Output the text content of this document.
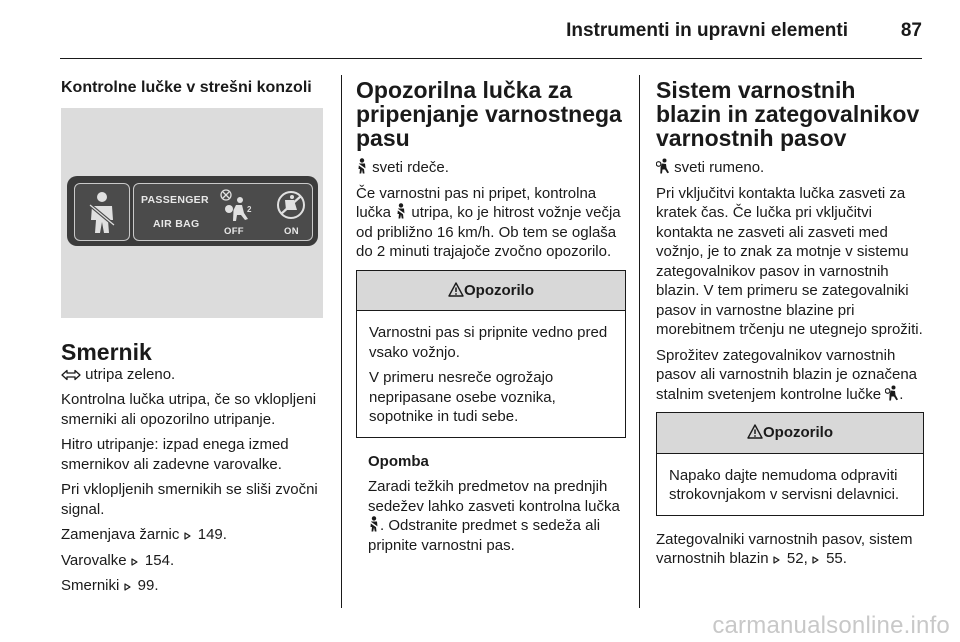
Instrumenti in upravni elementi	87
Kontrolne lučke v strešni konzoli
PASSENGER
AIR BAG
OFF	ON
2
Smernik

utripa zeleno.

Kontrolna lučka utripa, če so vklopljeni smerniki ali opozorilno utripanje.

Hitro utripanje: izpad enega izmed smernikov ali zadevne varovalke.

Pri vklopljenih smernikih se sliši zvočni signal.

Zamenjava žarnic  149.

Varovalke  154.

Smerniki  99.

Opozorilna lučka za pripenjanje varnostnega pasu

sveti rdeče.

Če varnostni pas ni pripet, kontrolna lučka  utripa, ko je hitrost vožnje večja od približno 16 km/h. Ob tem se oglaša do 2 minuti trajajoče zvočno opozorilo.

Opozorilo

Varnostni pas si pripnite vedno pred vsako vožnjo.

V primeru nesreče ogrožajo nepripasane osebe voznika, sopotnike in tudi sebe.

Opomba

Zaradi težkih predmetov na prednjih sedežev lahko zasveti kontrolna lučka . Odstranite predmet s sedeža ali pripnite varnostni pas.

Sistem varnostnih blazin in zategovalnikov varnostnih pasov

sveti rumeno.

Pri vključitvi kontakta lučka zasveti za kratek čas. Če lučka pri vključitvi kontakta ne zasveti ali zasveti med vožnjo, je to znak za motnje v sistemu zategovalnikov pasov in varnostnih blazin. V tem primeru se zategovalniki pasov in varnostne blazine pri morebitnem trčenju ne utegnejo sprožiti.

Sprožitev zategovalnikov varnostnih pasov ali varnostnih blazin je označena stalnim svetenjem kontrolne lučke .

Opozorilo

Napako dajte nemudoma odpraviti strokovnjakom v servisni delavnici.

Zategovalniki varnostnih pasov, sistem varnostnih blazin  52,  55.

carmanualsonline.info
